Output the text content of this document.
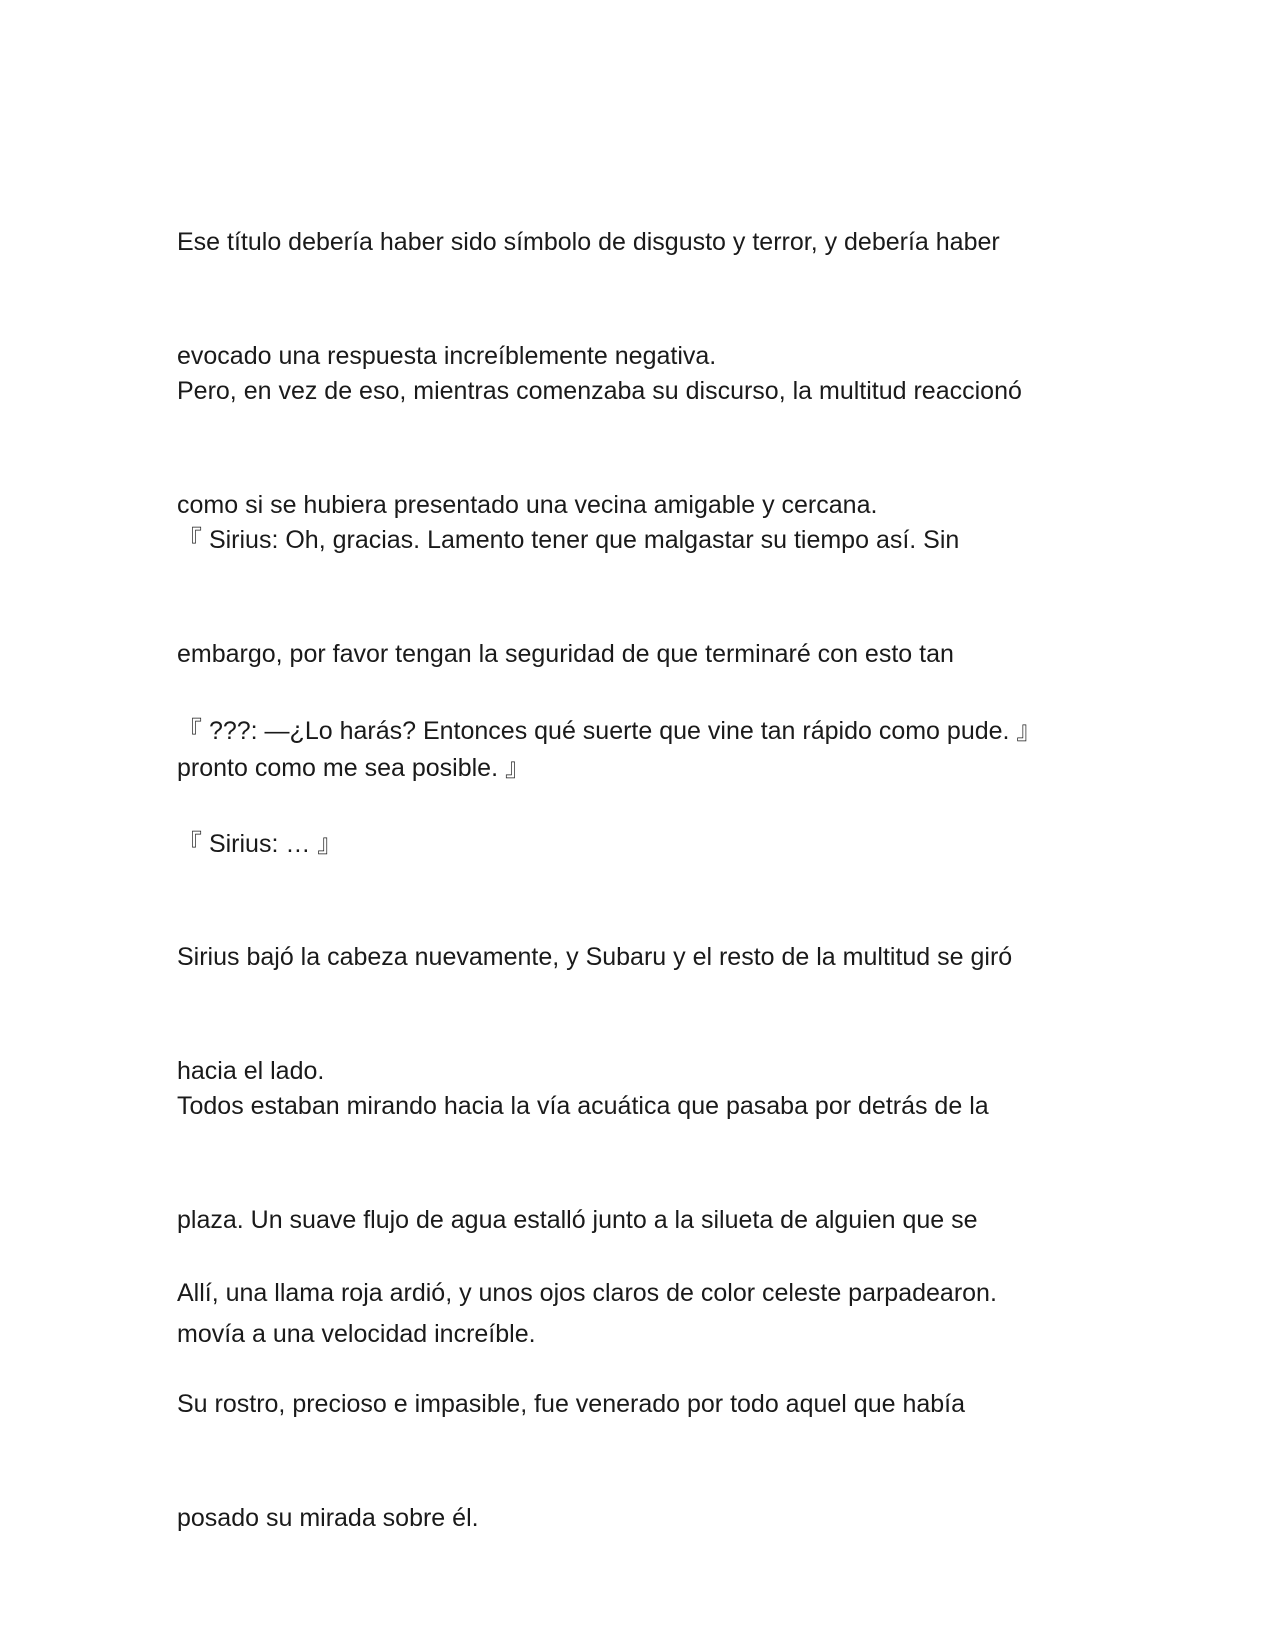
Ese título debería haber sido símbolo de disgusto y terror, y debería haber

evocado una respuesta increíblemente negativa.

Pero, en vez de eso, mientras comenzaba su discurso, la multitud reaccionó

como si se hubiera presentado una vecina amigable y cercana.

『 Sirius: Oh, gracias. Lamento tener que malgastar su tiempo así. Sin

embargo, por favor tengan la seguridad de que terminaré con esto tan

pronto como me sea posible. 』

『 ???: —¿Lo harás? Entonces qué suerte que vine tan rápido como pude. 』

『 Sirius: … 』

Sirius bajó la cabeza nuevamente, y Subaru y el resto de la multitud se giró

hacia el lado.

Todos estaban mirando hacia la vía acuática que pasaba por detrás de la

plaza. Un suave flujo de agua estalló junto a la silueta de alguien que se

movía a una velocidad increíble.

Allí, una llama roja ardió, y unos ojos claros de color celeste parpadearon.

Su rostro, precioso e impasible, fue venerado por todo aquel que había

posado su mirada sobre él.
